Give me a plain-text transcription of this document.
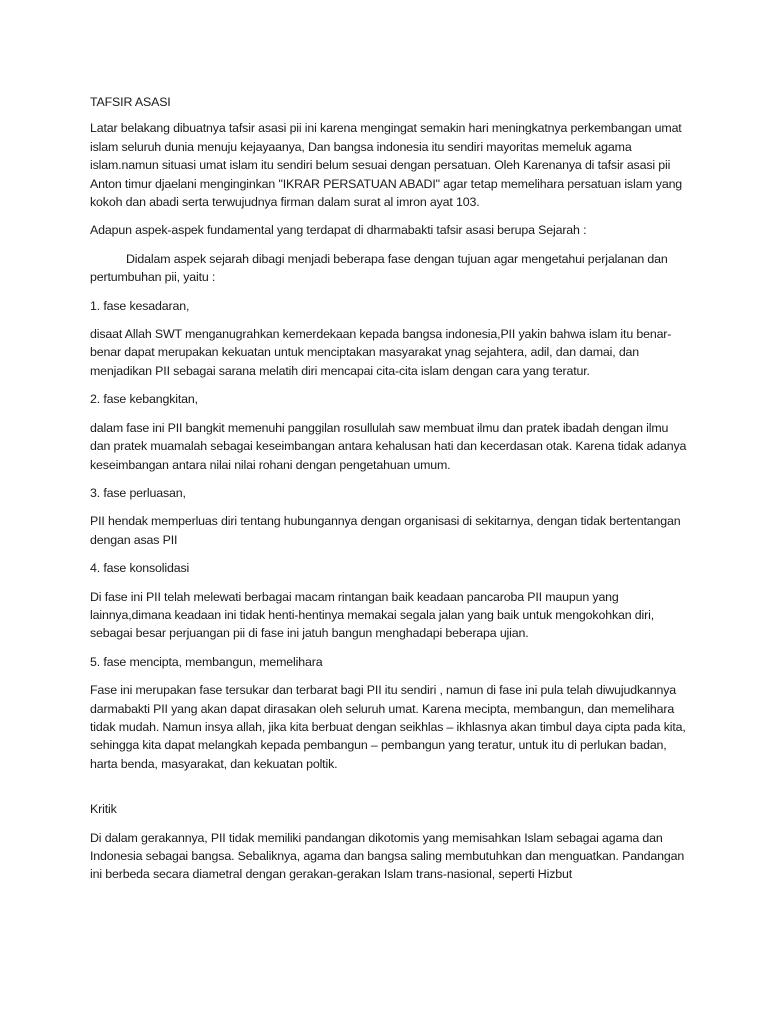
TAFSIR ASASI

Latar belakang dibuatnya tafsir asasi pii ini karena mengingat semakin hari meningkatnya perkembangan umat islam seluruh dunia menuju kejayaanya, Dan bangsa indonesia itu sendiri mayoritas memeluk agama islam.namun situasi umat islam itu sendiri belum sesuai dengan persatuan. Oleh Karenanya di tafsir asasi pii Anton timur djaelani menginginkan "IKRAR PERSATUAN ABADI" agar tetap memelihara persatuan islam yang kokoh dan abadi serta terwujudnya firman dalam surat al imron ayat 103.

Adapun aspek-aspek fundamental yang terdapat di dharmabakti tafsir asasi berupa Sejarah :

Didalam aspek sejarah dibagi menjadi beberapa fase dengan tujuan agar mengetahui perjalanan dan pertumbuhan pii, yaitu :

1. fase kesadaran,

disaat Allah SWT menganugrahkan kemerdekaan kepada bangsa indonesia,PII yakin bahwa islam itu benar-benar dapat merupakan kekuatan untuk menciptakan masyarakat ynag sejahtera, adil, dan damai, dan menjadikan PII sebagai sarana melatih diri mencapai cita-cita islam dengan cara yang teratur.

2. fase kebangkitan,

dalam fase ini PII bangkit memenuhi panggilan rosullulah saw membuat ilmu dan pratek ibadah dengan ilmu dan pratek muamalah sebagai keseimbangan antara kehalusan hati dan kecerdasan otak. Karena tidak adanya keseimbangan antara nilai nilai rohani dengan pengetahuan umum.

3. fase perluasan,

PII hendak memperluas diri tentang hubungannya dengan organisasi di sekitarnya, dengan tidak bertentangan dengan asas PII

4. fase konsolidasi

Di fase ini PII telah melewati berbagai macam rintangan baik keadaan pancaroba PII maupun yang lainnya,dimana keadaan ini tidak henti-hentinya memakai segala jalan yang baik untuk mengokohkan diri, sebagai besar perjuangan pii di fase ini jatuh bangun menghadapi beberapa ujian.

5. fase mencipta, membangun, memelihara

Fase ini merupakan fase tersukar dan terbarat bagi PII itu sendiri , namun di fase ini pula telah diwujudkannya darmabakti PII yang akan dapat dirasakan oleh seluruh umat. Karena mecipta, membangun, dan memelihara tidak mudah. Namun insya allah, jika kita berbuat dengan seikhlas – ikhlasnya akan timbul daya cipta pada kita, sehingga kita dapat melangkah kepada pembangun – pembangun yang teratur, untuk itu di perlukan badan, harta benda, masyarakat, dan kekuatan poltik.

Kritik

Di dalam gerakannya, PII tidak memiliki pandangan dikotomis yang memisahkan Islam sebagai agama dan Indonesia sebagai bangsa. Sebaliknya, agama dan bangsa saling membutuhkan dan menguatkan. Pandangan ini berbeda secara diametral dengan gerakan-gerakan Islam trans-nasional, seperti Hizbut
